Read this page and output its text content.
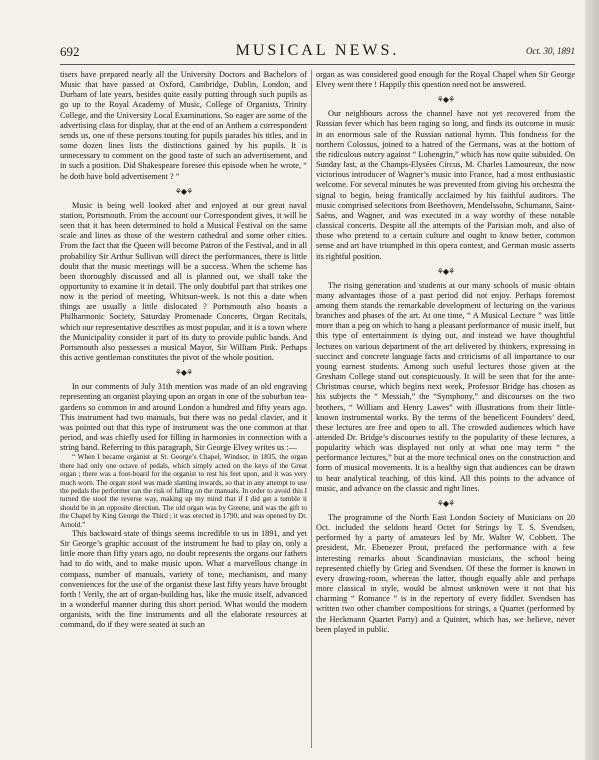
692	MUSICAL NEWS.	Oct. 30, 1891

tisers have prepared nearly all the University Doctors and Bachelors of Music that have passed at Oxford, Cambridge, Dublin, London, and Durham of late years, besides quite easily putting through such pupils as go up to the Royal Academy of Music, College of Organists, Trinity College, and the University Local Examinations. So eager are some of the advertising class for display, that at the end of an Anthem a correspondent sends us, one of these persons touting for pupils parades his titles, and in some dozen lines lists the distinctions gained by his pupils. It is unnecessary to comment on the good taste of such an advertisement, and in such a position. Did Shakespeare foresee this episode when he wrote, “ he doth have bold advertisement ? ”

⚘◆⚘

Music is being well looked after and enjoyed at our great naval station, Portsmouth. From the account our Correspondent gives, it will be seen that it has been determined to hold a Musical Festival on the same scale and lines as those of the western cathedral and some other cities. From the fact that the Queen will become Patron of the Festival, and in all probability Sir Arthur Sullivan will direct the performances, there is little doubt that the music meetings will be a success. When the scheme has been thoroughly discussed and all is planned out, we shall take the opportunity to examine it in detail. The only doubtful part that strikes one now is the period of meeting, Whitsun-week. Is not this a date when things are usually a little dislocated ? Portsmouth also boasts a Philharmonic Society, Saturday Promenade Concerts, Organ Recitals, which our representative describes as most popular, and it is a town where the Municipality consider it part of its duty to provide public bands. And Portsmouth also possesses a musical Mayor, Sir William Pink. Perhaps this active gentleman constitutes the pivot of the whole position.

⚘◆⚘

In our comments of July 31th mention was made of an old engraving representing an organist playing upon an organ in one of the suburban tea-gardens so common in and around London a hundred and fifty years ago. This instrument had two manuals, but there was no pedal clavier, and it was pointed out that this type of instrument was the one common at that period, and was chiefly used for filling in harmonies in connection with a string band. Referring to this paragraph, Sir George Elvey writes us :—

“ When I became organist at St. George’s Chapel, Windsor, in 1835, the organ there had only one octave of pedals, which simply acted on the keys of the Great organ ; there was a foot-board for the organist to rest his feet upon, and it was very much worn. The organ stool was made slanting inwards, so that in any attempt to use the pedals the performer ran the risk of falling on the manuals. In order to avoid this I turned the stool the reverse way, making up my mind that if I did get a tumble it should be in an opposite direction. The old organ was by Greene, and was the gift to the Chapel by King George the Third ; it was erected in 1790, and was opened by Dr. Arnold.”

This backward state of things seems incredible to us in 1891, and yet Sir George’s graphic account of the instrument he had to play on, only a little more than fifty years ago, no doubt represents the organs our fathers had to do with, and to make music upon. What a marvellous change in compass, number of manuals, variety of tone, mechanism, and many conveniences for the use of the organist these last fifty years have brought forth ! Verily, the art of organ-building has, like the music itself, advanced in a wonderful manner during this short period. What would the modern organists, with the fine instruments and all the elaborate resources at command, do if they were seated at such an

organ as was considered good enough for the Royal Chapel when Sir George Elvey went there ! Happily this question need not be answered.

⚘◆⚘

Our neighbours across the channel have not yet recovered from the Russian fever which has been raging so long, and finds its outcome in music in an enormous sale of the Russian national hymn. This fondness for the northern Colossus, joined to a hatred of the Germans, was at the bottom of the ridiculous outcry against “ Lohengrin,” which has now quite subsided. On Sunday last, at the Champs-Elysées Circus, M. Charles Lamoureux, the now victorious introducer of Wagner’s music into France, had a most enthusiastic welcome. For several minutes he was prevented from giving his orchestra the signal to begin, being frantically acclaimed by his faithful auditors. The music comprised selections from Beethoven, Mendelssohn, Schumann, Saint-Saëns, and Wagner, and was executed in a way worthy of these notable classical concerts. Despite all the attempts of the Parisian mob, and also of those who pretend to a certain culture and ought to know better, common sense and art have triumphed in this opera contest, and German music asserts its rightful position.

⚘◆⚘

The rising generation and students at our many schools of music obtain many advantages those of a past period did not enjoy. Perhaps foremost among them stands the remarkable development of lecturing on the various branches and phases of the art. At one time, “ A Musical Lecture ” was little more than a peg on which to hang a pleasant performance of music itself, but this type of entertainment is dying out, and instead we have thoughtful lectures on various department of the art delivered by thinkers, expressing in succinct and concrete language facts and criticisms of all importance to our young earnest students. Among such useful lectures those given at the Gresham College stand out conspicuously. It will be seen that for the ante-Christmas course, which begins next week, Professor Bridge has chosen as his subjects the “ Messiah,” the “Symphony,” and discourses on the two brothers, “ William and Henry Lawes” with illustrations from their little-known instrumental works. By the terms of the beneficent Founders’ deed, these lectures are free and open to all. The crowded audiences which have attended Dr. Bridge’s discourses testify to the popularity of these lectures, a popularity which was displayed not only at what one may term “ the performance lectures,” but at the more technical ones on the construction and form of musical movements. It is a healthy sign that audiences can be drawn to hear analytical teaching, of this kind. All this points to the advance of music, and advance on the classic and right lines.

⚘◆⚘

The programme of the North East London Society of Musicians on 20 Oct. included the seldom heard Octet for Strings by T. S. Svendsen, performed by a party of amateurs led by Mr. Walter W. Cobbett. The president, Mr. Ebenezer Prout, prefaced the performance with a few interesting remarks about Scandinavian musicians, the school being represented chiefly by Grieg and Svendsen. Of these the former is known in every drawing-room, whereas the latter, though equally able and perhaps more classical in style, would be almost unknown were it not that his charming “ Romance ” is in the repertory of every fiddler. Svendsen has written two other chamber compositions for strings, a Quartet (performed by the Heckmann Quartet Party) and a Quintet, which has, we believe, never been played in public.
